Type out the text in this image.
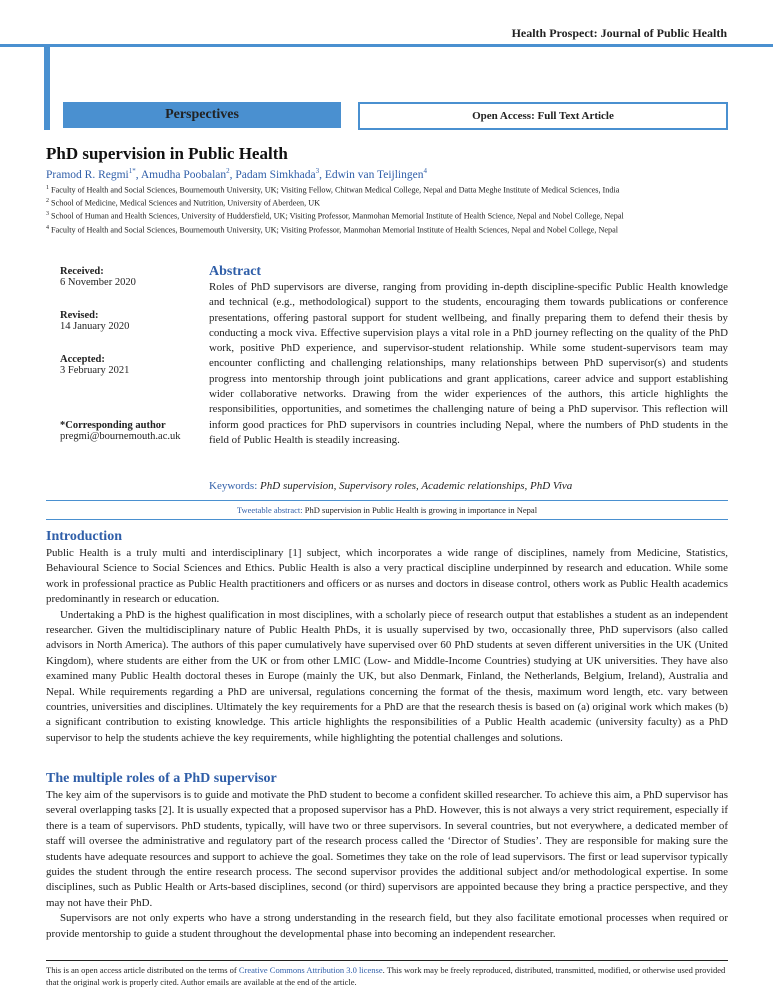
Health Prospect: Journal of Public Health
Perspectives	Open Access: Full Text Article
PhD supervision in Public Health
Pramod R. Regmi$^{1*}$, Amudha Poobalan$^2$, Padam Simkhada$^3$, Edwin van Teijlingen$^4$
$^1$ Faculty of Health and Social Sciences, Bournemouth University, UK; Visiting Fellow, Chitwan Medical College, Nepal and Datta Meghe Institute of Medical Sciences, India
$^2$ School of Medicine, Medical Sciences and Nutrition, University of Aberdeen, UK
$^3$ School of Human and Health Sciences, University of Huddersfield, UK; Visiting Professor, Manmohan Memorial Institute of Health Science, Nepal and Nobel College, Nepal
$^4$ Faculty of Health and Social Sciences, Bournemouth University, UK; Visiting Professor, Manmohan Memorial Institute of Health Sciences, Nepal and Nobel College, Nepal
Received:
6 November 2020
Revised:
14 January 2020
Accepted:
3 February 2021
*Corresponding author
pregmi@bournemouth.ac.uk
Abstract
Roles of PhD supervisors are diverse, ranging from providing in-depth discipline-specific Public Health knowledge and technical (e.g., methodological) support to the students, encouraging them towards publications or conference presentations, offering pastoral support for student wellbeing, and finally preparing them to defend their thesis by conducting a mock viva. Effective supervision plays a vital role in a PhD journey reflecting on the quality of the PhD work, positive PhD experience, and supervisor-student relationship. While some student-supervisors team may encounter conflicting and challenging relationships, many relationships between PhD supervisor(s) and students progress into mentorship through joint publications and grant applications, career advice and support establishing wider collaborative networks. Drawing from the wider experiences of the authors, this article highlights the responsibilities, opportunities, and sometimes the challenging nature of being a PhD supervisor. This reflection will inform good practices for PhD supervisors in countries including Nepal, where the numbers of PhD students in the field of Public Health is steadily increasing.
Keywords: PhD supervision, Supervisory roles, Academic relationships, PhD Viva
Tweetable abstract: PhD supervision in Public Health is growing in importance in Nepal
Introduction

Public Health is a truly multi and interdisciplinary [1] subject, which incorporates a wide range of disciplines, namely from Medicine, Statistics, Behavioural Science to Social Sciences and Ethics. Public Health is also a very practical discipline underpinned by research and education. While some work in professional practice as Public Health practitioners and officers or as nurses and doctors in disease control, others work as Public Health academics predominantly in research or education.

Undertaking a PhD is the highest qualification in most disciplines, with a scholarly piece of research output that establishes a student as an independent researcher. Given the multidisciplinary nature of Public Health PhDs, it is usually supervised by two, occasionally three, PhD supervisors (also called advisors in North America). The authors of this paper cumulatively have supervised over 60 PhD students at seven different universities in the UK (United Kingdom), where students are either from the UK or from other LMIC (Low- and Middle-Income Countries) studying at UK universities. They have also examined many Public Health doctoral theses in Europe (mainly the UK, but also Denmark, Finland, the Netherlands, Belgium, Ireland), Australia and Nepal. While requirements regarding a PhD are universal, regulations concerning the format of the thesis, maximum word length, etc. vary between countries, universities and disciplines. Ultimately the key requirements for a PhD are that the research thesis is based on (a) original work which makes (b) a significant contribution to existing knowledge. This article highlights the responsibilities of a Public Health academic (university faculty) as a PhD supervisor to help the students achieve the key requirements, while highlighting the potential challenges and solutions.

The multiple roles of a PhD supervisor

The key aim of the supervisors is to guide and motivate the PhD student to become a confident skilled researcher. To achieve this aim, a PhD supervisor has several overlapping tasks [2]. It is usually expected that a proposed supervisor has a PhD. However, this is not always a very strict requirement, especially if there is a team of supervisors. PhD students, typically, will have two or three supervisors. In several countries, but not everywhere, a dedicated member of staff will oversee the administrative and regulatory part of the research process called the ‘Director of Studies’. They are responsible for making sure the students have adequate resources and support to achieve the goal. Sometimes they take on the role of lead supervisors. The first or lead supervisor typically guides the student through the entire research process. The second supervisor provides the additional subject and/or methodological expertise. In some disciplines, such as Public Health or Arts-based disciplines, second (or third) supervisors are appointed because they bring a practice perspective, and they may not have their PhD.

Supervisors are not only experts who have a strong understanding in the research field, but they also facilitate emotional processes when required or provide mentorship to guide a student throughout the developmental phase into becoming an independent researcher.

This is an open access article distributed on the terms of Creative Commons Attribution 3.0 license. This work may be freely reproduced, distributed, transmitted, modified, or otherwise used provided that the original work is properly cited. Author emails are available at the end of the article.
